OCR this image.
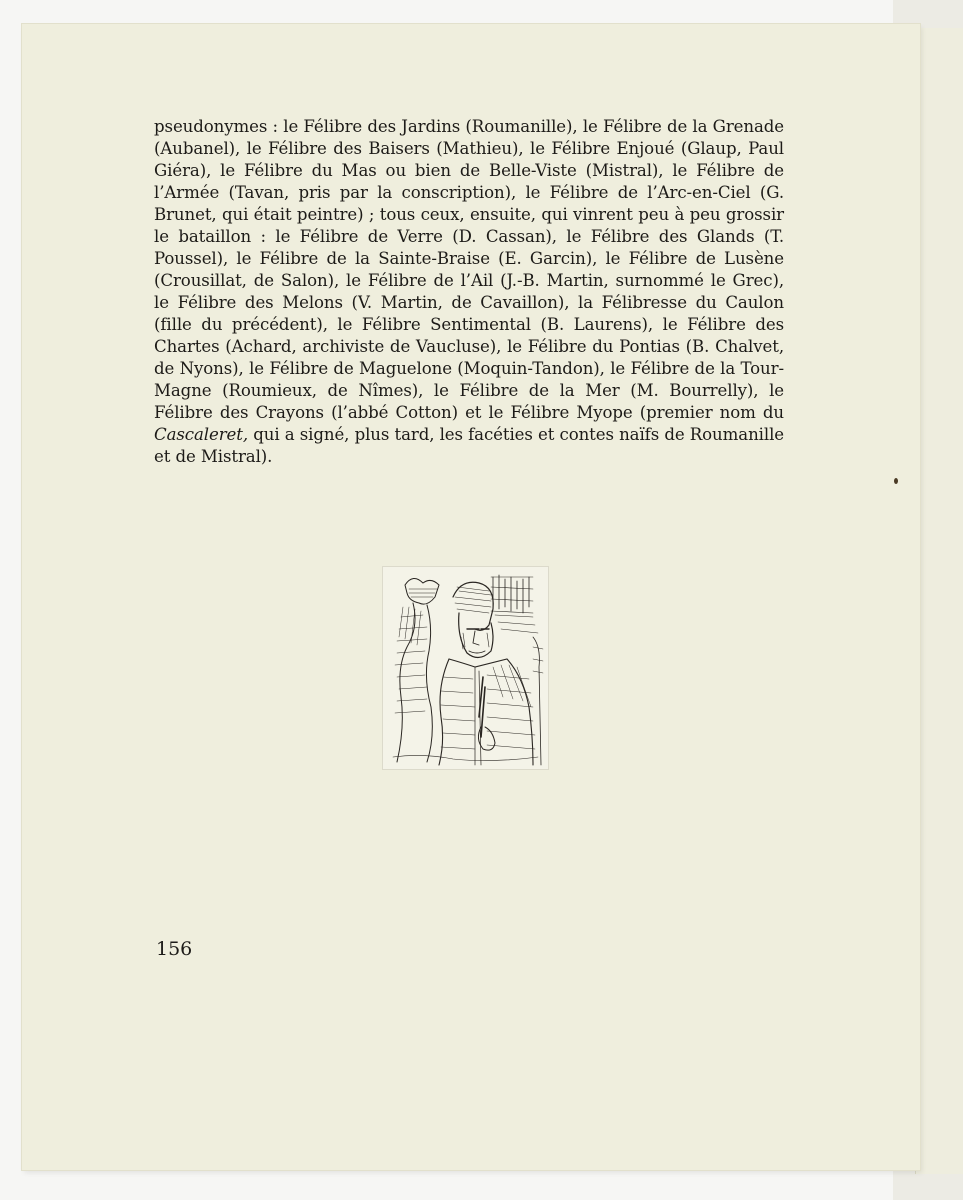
pseudonymes : le Félibre des Jardins (Roumanille), le Félibre de la Grenade (Aubanel), le Félibre des Baisers (Mathieu), le Félibre Enjoué (Glaup, Paul Giéra), le Félibre du Mas ou bien de Belle-Viste (Mistral), le Félibre de l’Armée (Tavan, pris par la conscription), le Félibre de l’Arc-en-Ciel (G. Brunet, qui était peintre) ; tous ceux, ensuite, qui vinrent peu à peu grossir le bataillon : le Félibre de Verre (D. Cassan), le Félibre des Glands (T. Poussel), le Félibre de la Sainte-Braise (E. Garcin), le Félibre de Lusène (Crousillat, de Salon), le Félibre de l’Ail (J.-B. Martin, surnommé le Grec), le Félibre des Melons (V. Martin, de Cavaillon), la Félibresse du Caulon (fille du précédent), le Félibre Sentimental (B. Laurens), le Félibre des Chartes (Achard, archiviste de Vaucluse), le Félibre du Pontias (B. Chalvet, de Nyons), le Félibre de Maguelone (Moquin-Tandon), le Félibre de la Tour-Magne (Roumieux, de Nîmes), le Félibre de la Mer (M. Bourrelly), le Félibre des Crayons (l’abbé Cotton) et le Félibre Myope (premier nom du Cascaleret, qui a signé, plus tard, les facéties et contes naïfs de Roumanille et de Mistral).

156
